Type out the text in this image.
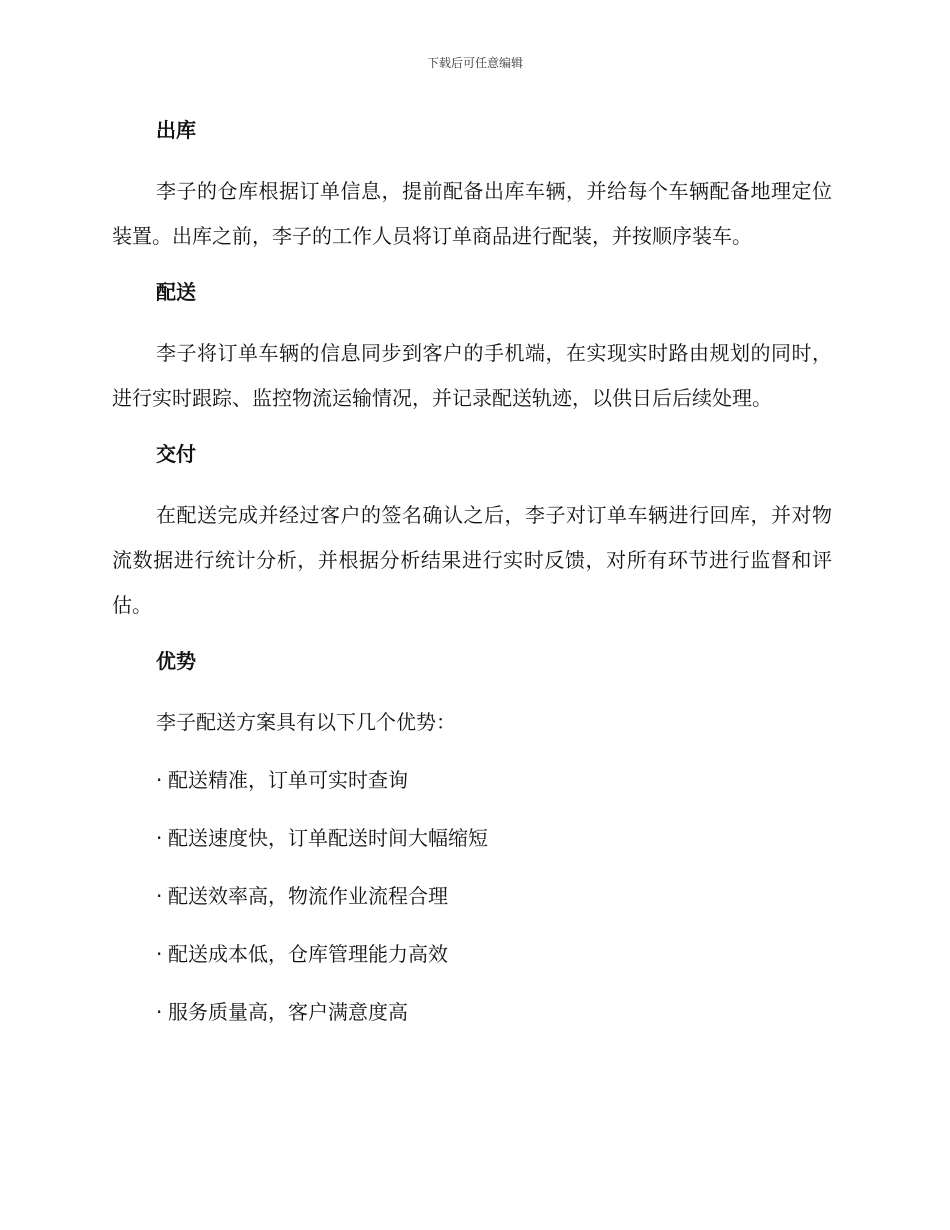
下载后可任意编辑
出库

李子的仓库根据订单信息，提前配备出库车辆，并给每个车辆配备地理定位装置。出库之前，李子的工作人员将订单商品进行配装，并按顺序装车。

配送

李子将订单车辆的信息同步到客户的手机端，在实现实时路由规划的同时，进行实时跟踪、监控物流运输情况，并记录配送轨迹，以供日后后续处理。

交付

在配送完成并经过客户的签名确认之后，李子对订单车辆进行回库，并对物流数据进行统计分析，并根据分析结果进行实时反馈，对所有环节进行监督和评估。

优势

李子配送方案具有以下几个优势：

· 配送精准，订单可实时查询
· 配送速度快，订单配送时间大幅缩短
· 配送效率高，物流作业流程合理
· 配送成本低，仓库管理能力高效
· 服务质量高，客户满意度高
